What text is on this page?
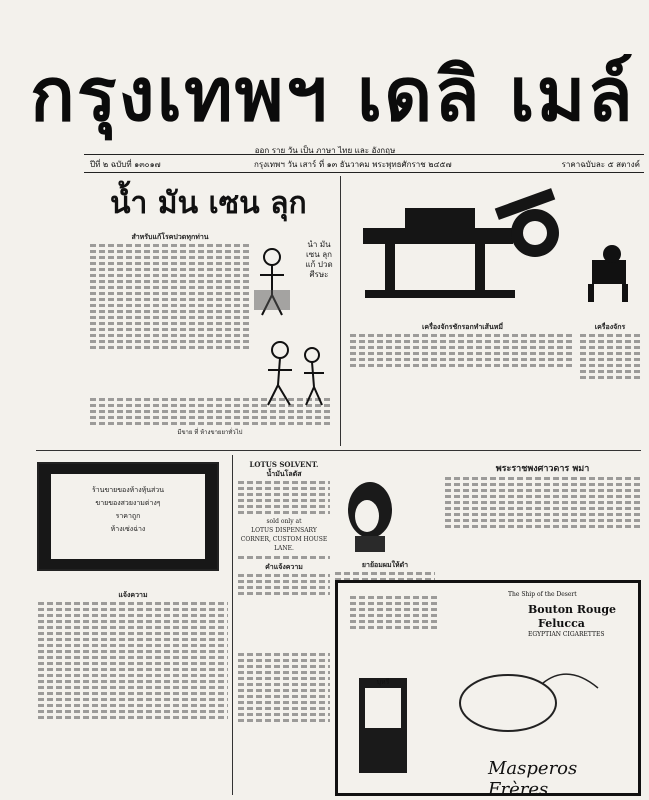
กรุงเทพฯ เดลิ เมล์
ออก ราย วัน เป็น ภาษา ไทย และ อังกฤษ
ปีที่ ๒ ฉบับที่ ๑๓๐๑๗	กรุงเทพฯ วัน เสาร์ ที่ ๑๓ ธันวาคม พระพุทธศักราช ๒๔๕๗	ราคาฉบับละ ๕ สตางค์
น้ำ มัน เซน ลุก
สำหรับแก้โรคปวดทุกท่าน
มีขาย ที่ ห้างขายยาทั่วไป
น้ำ มัน
เซน ลุก
แก้ ปวด
ศีรษะ
เครื่องจักรชักรอกทำเส้นหมี่	เครื่องจักร
ร้านขายของห้างหุ้นส่วน
ขายของสวยงามต่างๆ
ราคาถูก
ห้างเซ่งฉ่าง
แจ้งความ
LOTUS SOLVENT.
น้ำมันโลตัส
sold only at
LOTUS DISPENSARY
CORNER, CUSTOM HOUSE
LANE.
คำแจ้งความ	ยาย้อมผมให้ดำ
พระราชพงศาวดาร พม่า
บุหรี่
The Ship of the Desert
Bouton Rouge
Felucca
EGYPTIAN CIGARETTES
Masperos Frères
